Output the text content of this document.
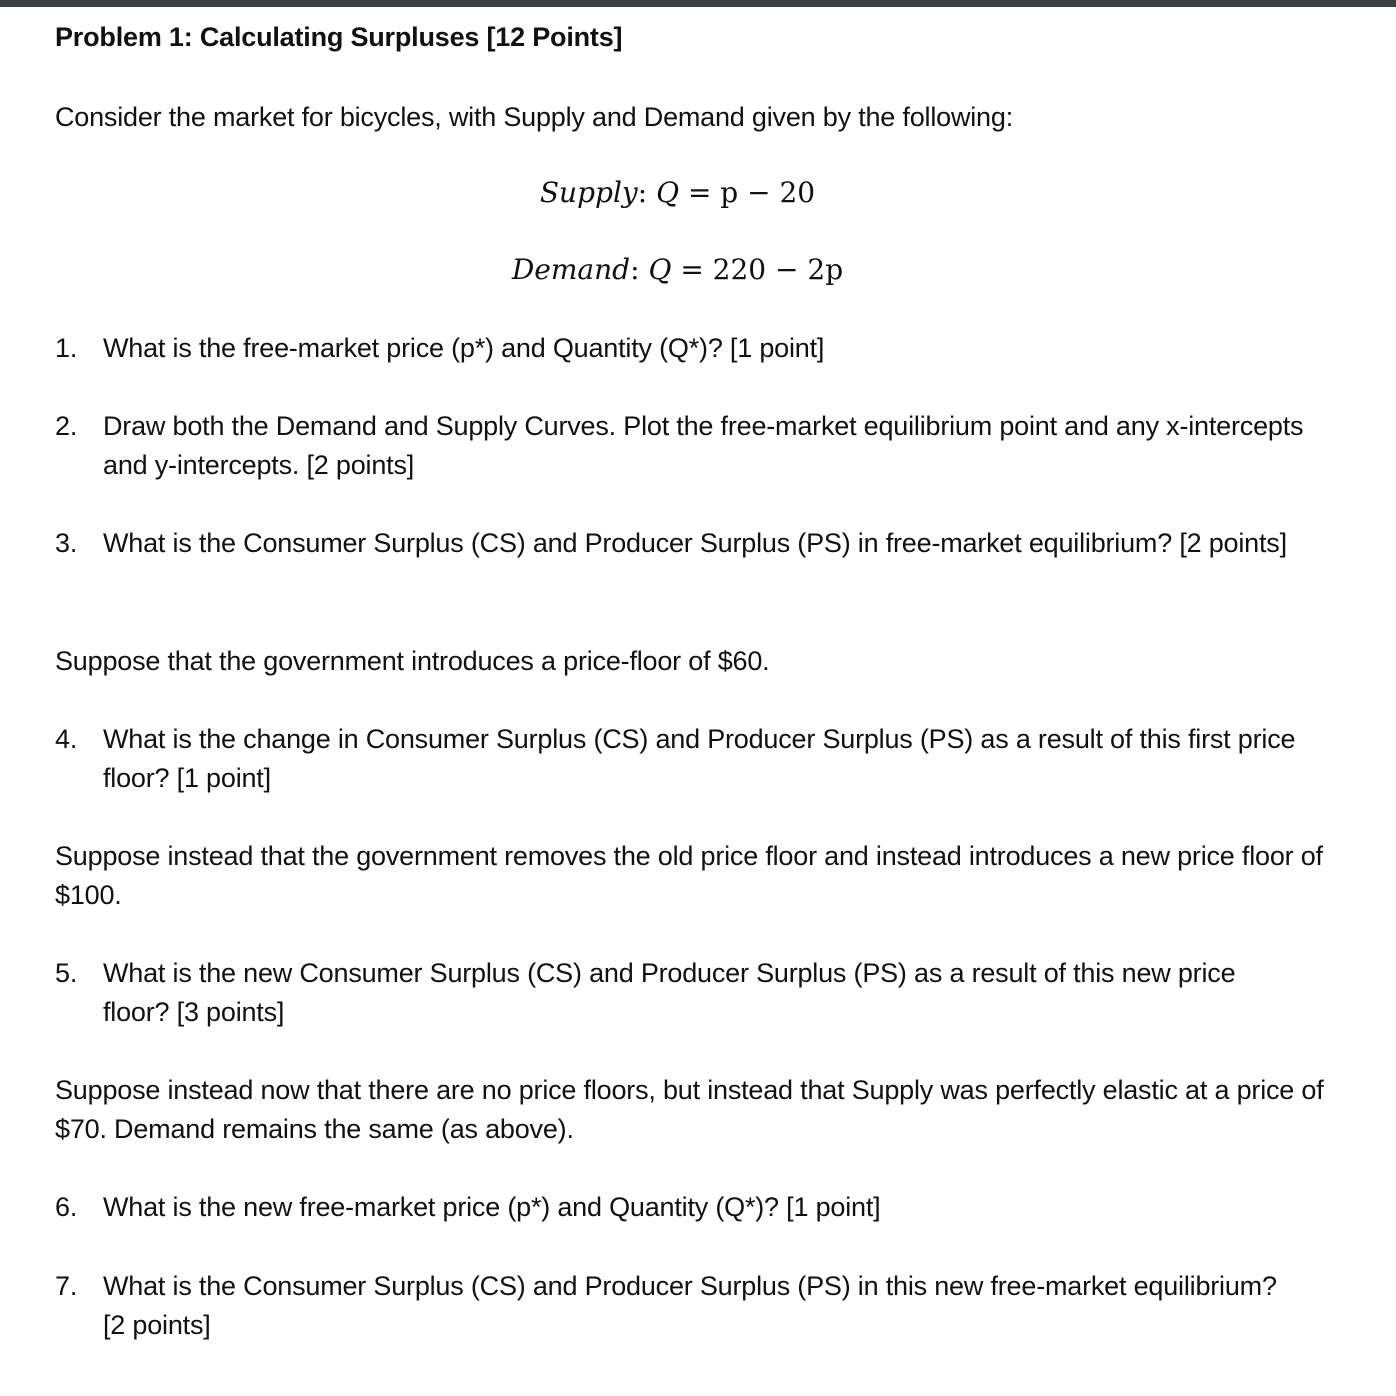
Problem 1: Calculating Surpluses [12 Points]
Consider the market for bicycles, with Supply and Demand given by the following:
Supply: Q = p − 20
Demand: Q = 220 − 2p
1. What is the free-market price (p*) and Quantity (Q*)? [1 point]
2. Draw both the Demand and Supply Curves. Plot the free-market equilibrium point and any x-intercepts and y-intercepts. [2 points]
3. What is the Consumer Surplus (CS) and Producer Surplus (PS) in free-market equilibrium? [2 points]
Suppose that the government introduces a price-floor of $60.
4. What is the change in Consumer Surplus (CS) and Producer Surplus (PS) as a result of this first price floor? [1 point]
Suppose instead that the government removes the old price floor and instead introduces a new price floor of $100.
5. What is the new Consumer Surplus (CS) and Producer Surplus (PS) as a result of this new price floor? [3 points]
Suppose instead now that there are no price floors, but instead that Supply was perfectly elastic at a price of $70. Demand remains the same (as above).
6. What is the new free-market price (p*) and Quantity (Q*)? [1 point]
7. What is the Consumer Surplus (CS) and Producer Surplus (PS) in this new free-market equilibrium? [2 points]
